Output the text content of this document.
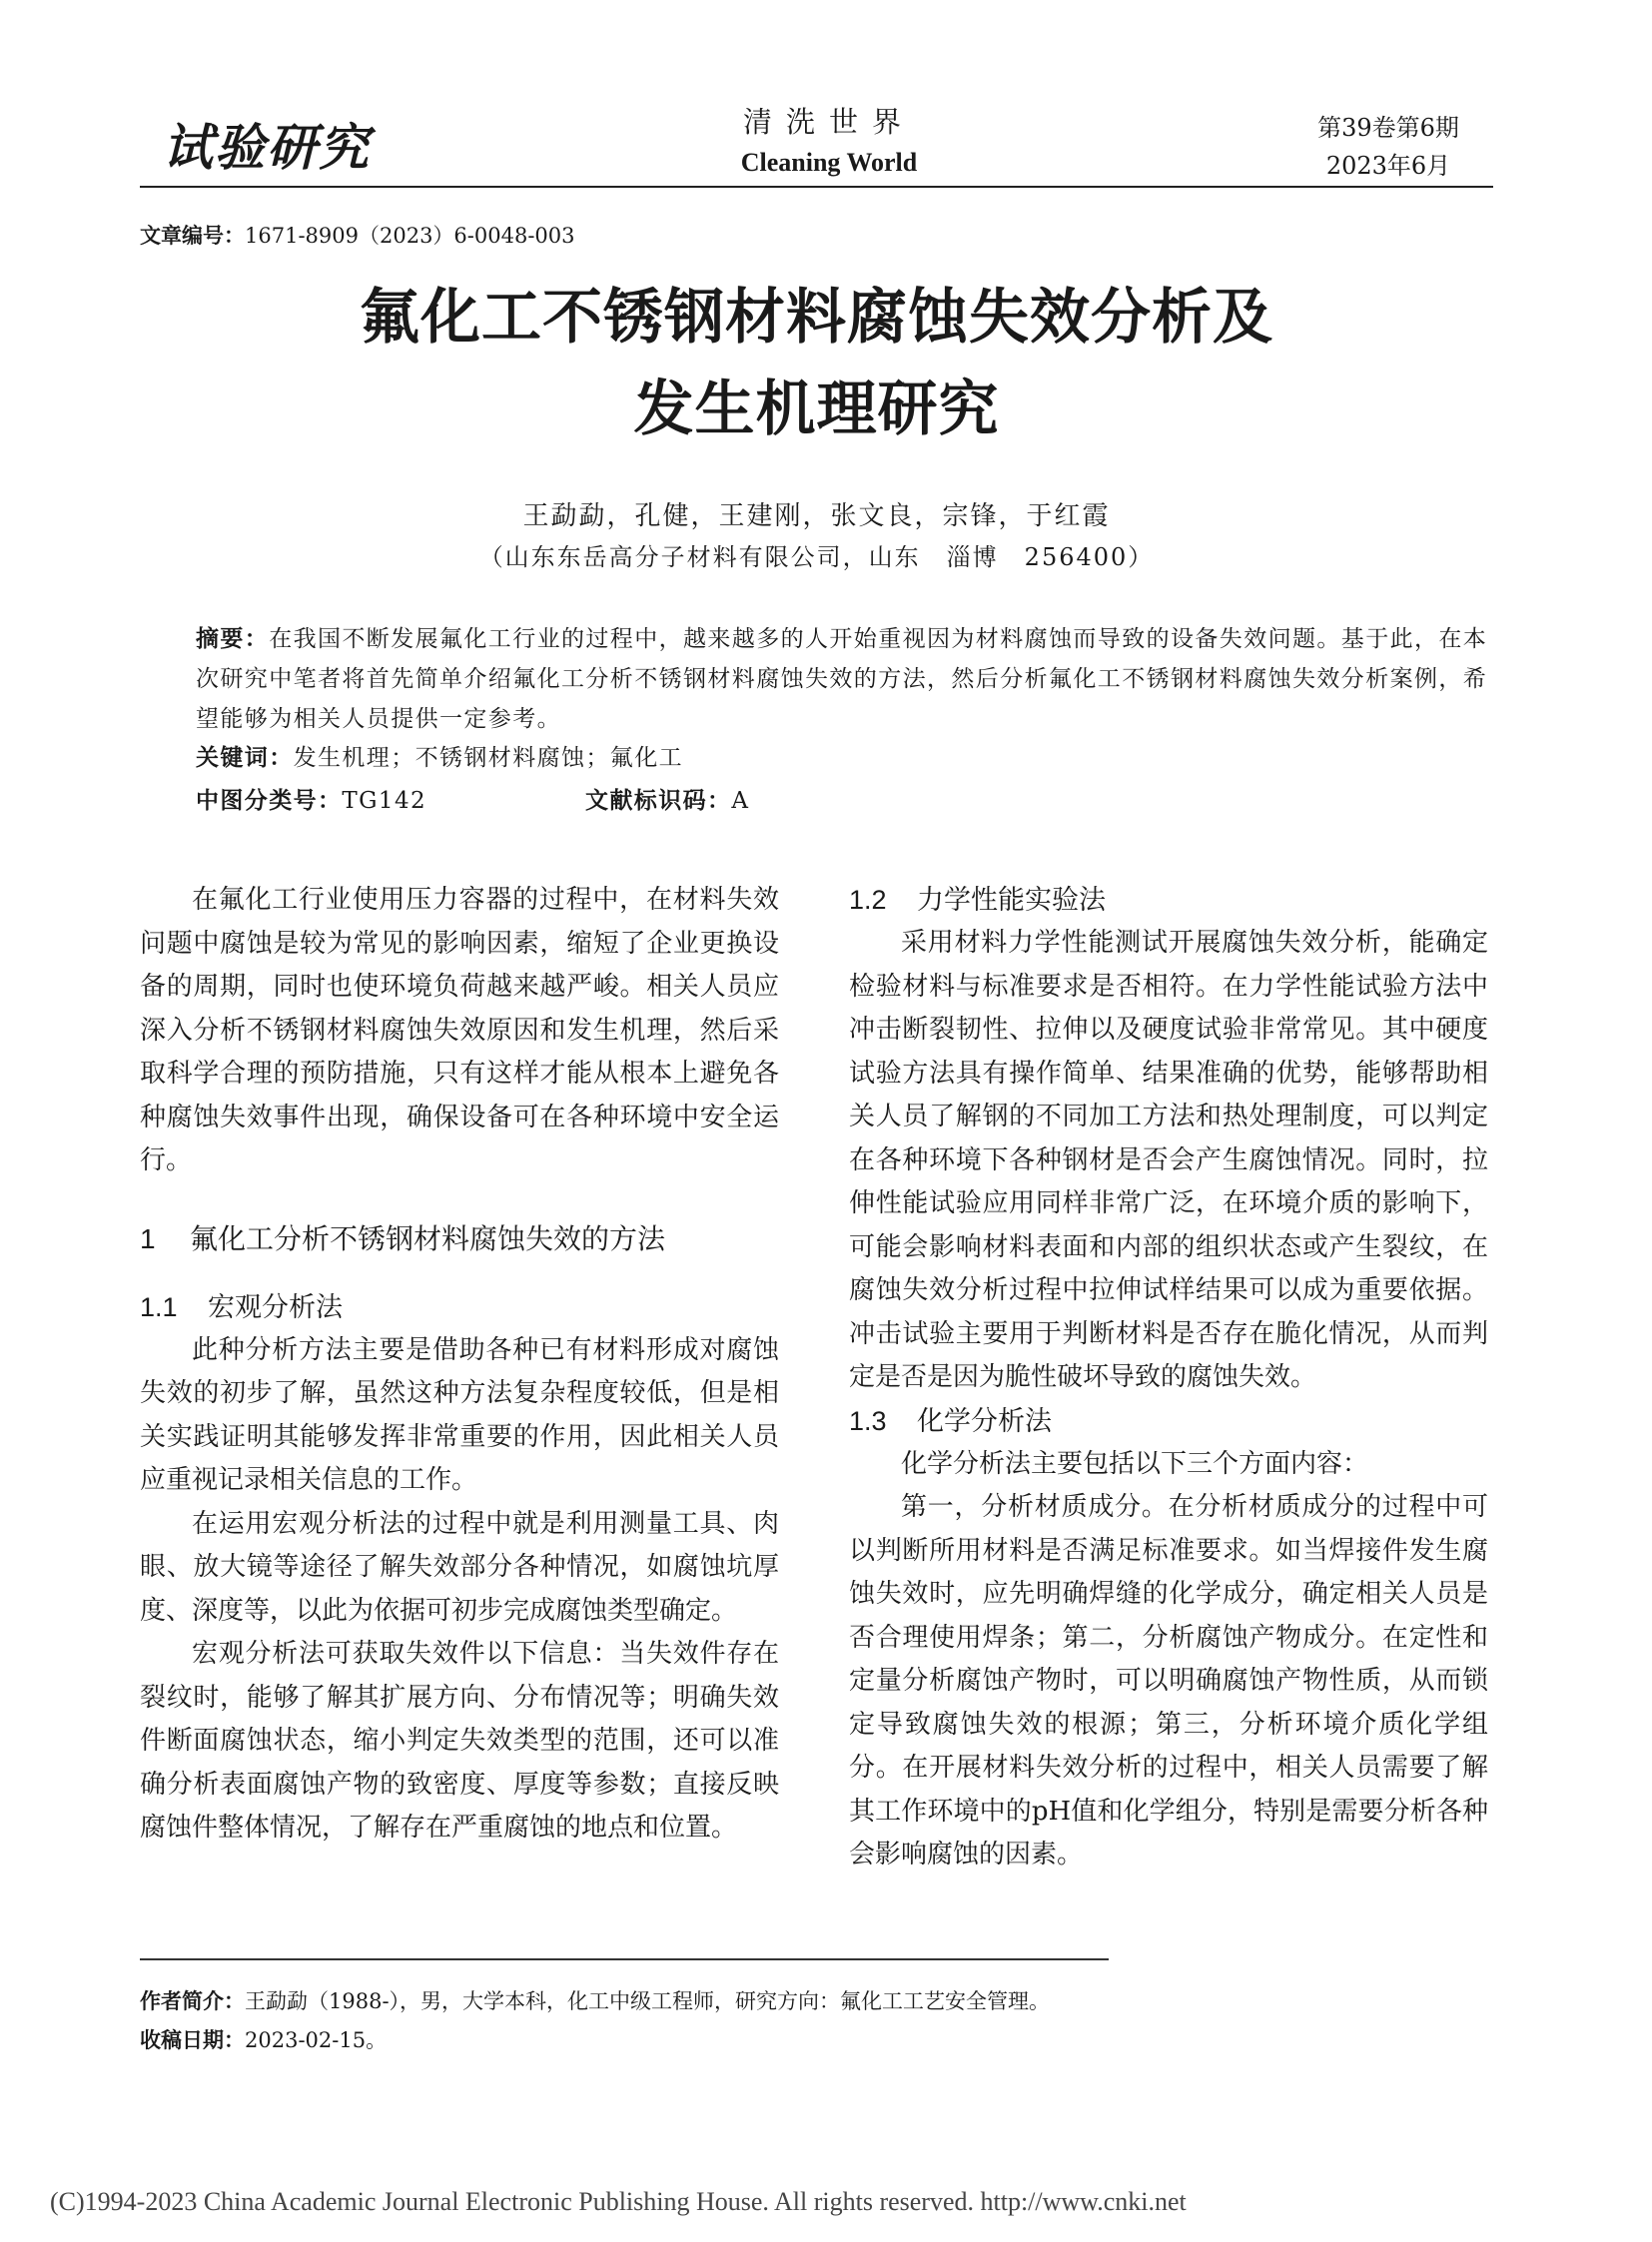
试验研究	清洗世界
Cleaning World
第39卷第6期
2023年6月
文章编号：1671-8909（2023）6-0048-003
氟化工不锈钢材料腐蚀失效分析及
发生机理研究
王勐勐，孔健，王建刚，张文良，宗锋，于红霞
（山东东岳高分子材料有限公司，山东　淄博　256400）
摘要：在我国不断发展氟化工行业的过程中，越来越多的人开始重视因为材料腐蚀而导致的设备失效问题。基于此，在本次研究中笔者将首先简单介绍氟化工分析不锈钢材料腐蚀失效的方法，然后分析氟化工不锈钢材料腐蚀失效分析案例，希望能够为相关人员提供一定参考。
关键词：发生机理；不锈钢材料腐蚀；氟化工
中图分类号：TG142	文献标识码：A

在氟化工行业使用压力容器的过程中，在材料失效问题中腐蚀是较为常见的影响因素，缩短了企业更换设备的周期，同时也使环境负荷越来越严峻。相关人员应深入分析不锈钢材料腐蚀失效原因和发生机理，然后采取科学合理的预防措施，只有这样才能从根本上避免各种腐蚀失效事件出现，确保设备可在各种环境中安全运行。

1 氟化工分析不锈钢材料腐蚀失效的方法
1.1 宏观分析法

此种分析方法主要是借助各种已有材料形成对腐蚀失效的初步了解，虽然这种方法复杂程度较低，但是相关实践证明其能够发挥非常重要的作用，因此相关人员应重视记录相关信息的工作。

在运用宏观分析法的过程中就是利用测量工具、肉眼、放大镜等途径了解失效部分各种情况，如腐蚀坑厚度、深度等，以此为依据可初步完成腐蚀类型确定。

宏观分析法可获取失效件以下信息：当失效件存在裂纹时，能够了解其扩展方向、分布情况等；明确失效件断面腐蚀状态，缩小判定失效类型的范围，还可以准确分析表面腐蚀产物的致密度、厚度等参数；直接反映腐蚀件整体情况，了解存在严重腐蚀的地点和位置。

1.2 力学性能实验法

采用材料力学性能测试开展腐蚀失效分析，能确定检验材料与标准要求是否相符。在力学性能试验方法中冲击断裂韧性、拉伸以及硬度试验非常常见。其中硬度试验方法具有操作简单、结果准确的优势，能够帮助相关人员了解钢的不同加工方法和热处理制度，可以判定在各种环境下各种钢材是否会产生腐蚀情况。同时，拉伸性能试验应用同样非常广泛，在环境介质的影响下，可能会影响材料表面和内部的组织状态或产生裂纹，在腐蚀失效分析过程中拉伸试样结果可以成为重要依据。冲击试验主要用于判断材料是否存在脆化情况，从而判定是否是因为脆性破坏导致的腐蚀失效。

1.3 化学分析法

化学分析法主要包括以下三个方面内容：

第一，分析材质成分。在分析材质成分的过程中可以判断所用材料是否满足标准要求。如当焊接件发生腐蚀失效时，应先明确焊缝的化学成分，确定相关人员是否合理使用焊条；第二，分析腐蚀产物成分。在定性和定量分析腐蚀产物时，可以明确腐蚀产物性质，从而锁定导致腐蚀失效的根源；第三，分析环境介质化学组分。在开展材料失效分析的过程中，相关人员需要了解其工作环境中的pH值和化学组分，特别是需要分析各种会影响腐蚀的因素。

作者简介：王勐勐（1988-），男，大学本科，化工中级工程师，研究方向：氟化工工艺安全管理。
收稿日期：2023-02-15。
(C)1994-2023 China Academic Journal Electronic Publishing House. All rights reserved. http://www.cnki.net
